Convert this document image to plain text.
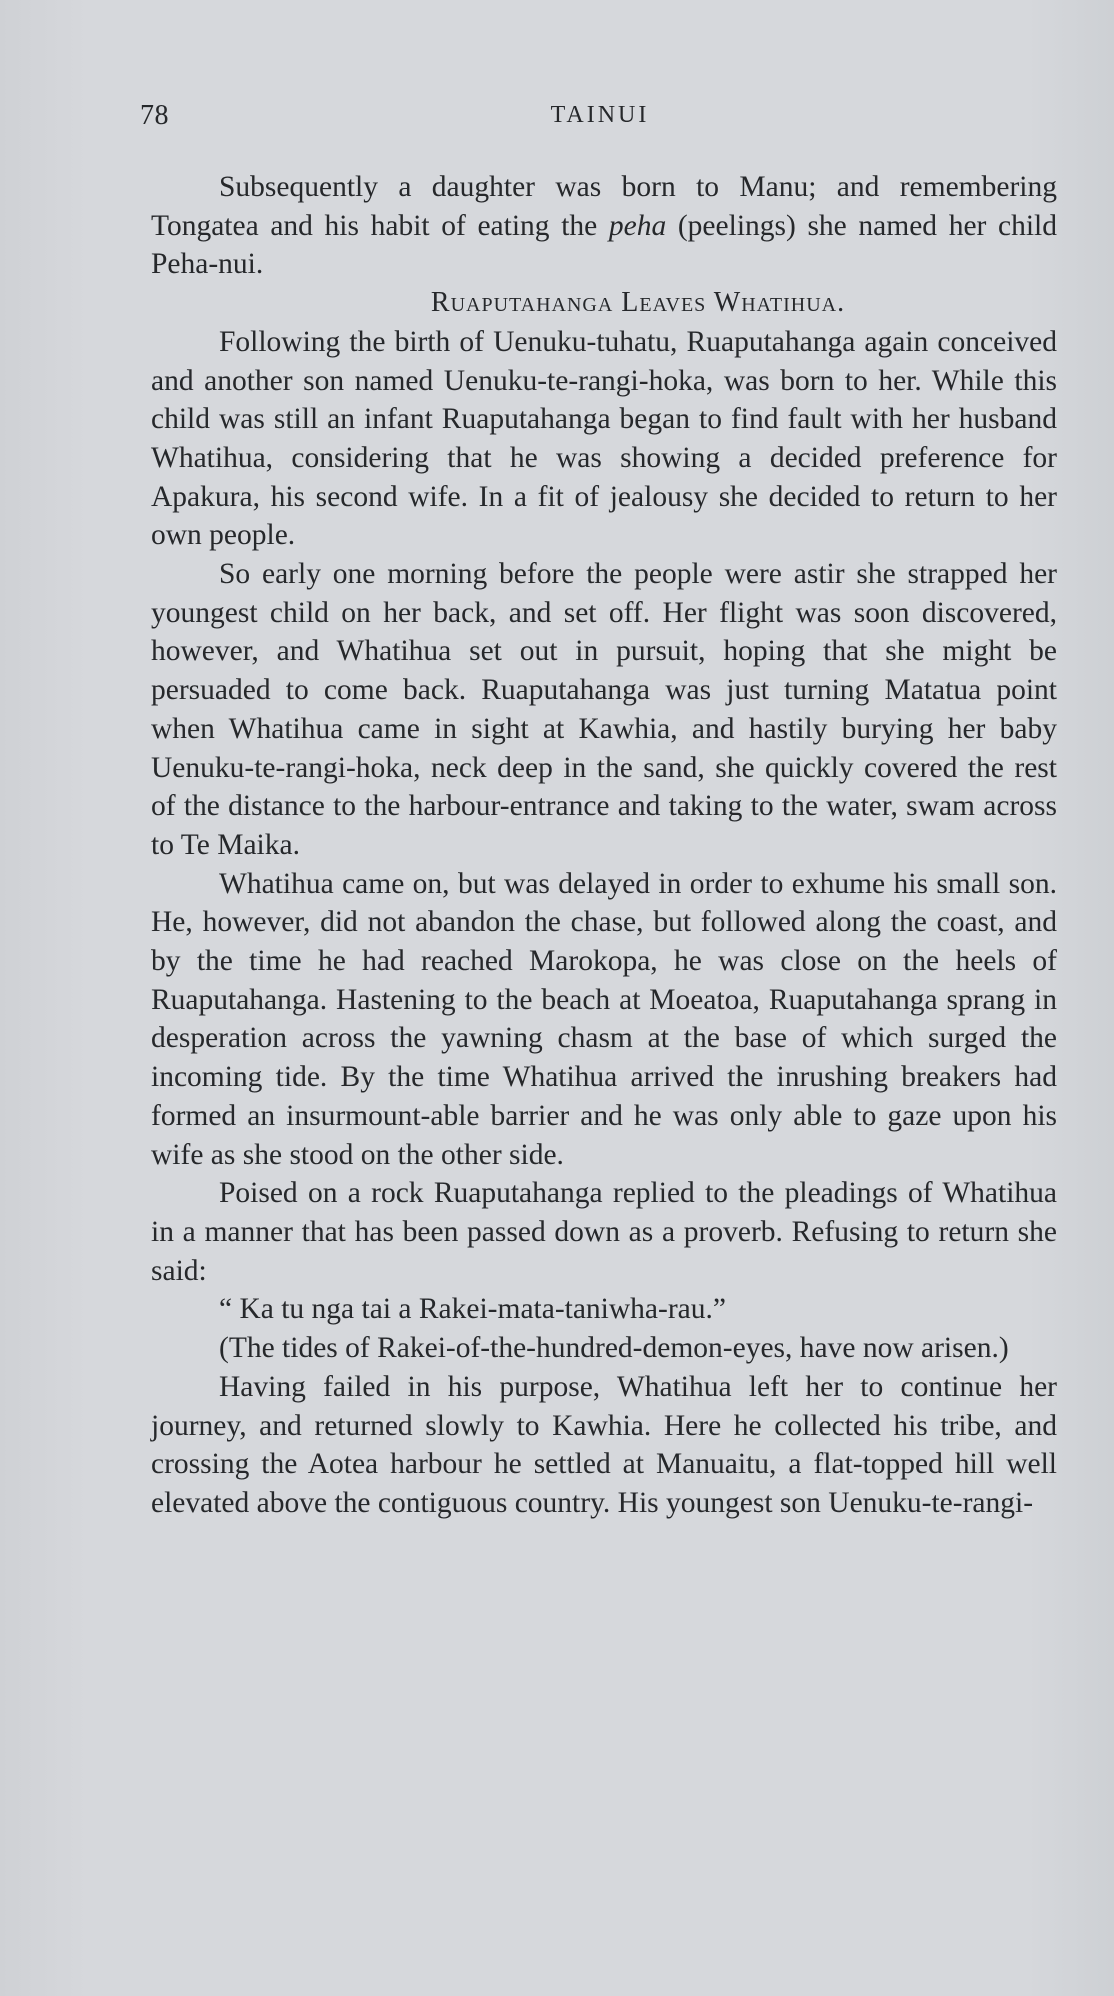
78	TAINUI

Subsequently a daughter was born to Manu; and remembering Tongatea and his habit of eating the peha (peelings) she named her child Peha-nui.

Ruaputahanga Leaves Whatihua.

Following the birth of Uenuku-tuhatu, Ruaputahanga again conceived and another son named Uenuku-te-rangi-hoka, was born to her. While this child was still an infant Ruaputahanga began to find fault with her husband Whatihua, considering that he was showing a decided preference for Apakura, his second wife. In a fit of jealousy she decided to return to her own people.

So early one morning before the people were astir she strapped her youngest child on her back, and set off. Her flight was soon discovered, however, and Whatihua set out in pursuit, hoping that she might be persuaded to come back. Ruaputahanga was just turning Matatua point when Whatihua came in sight at Kawhia, and hastily burying her baby Uenuku-te-rangi-hoka, neck deep in the sand, she quickly covered the rest of the distance to the harbour-entrance and taking to the water, swam across to Te Maika.

Whatihua came on, but was delayed in order to exhume his small son. He, however, did not abandon the chase, but followed along the coast, and by the time he had reached Marokopa, he was close on the heels of Ruaputahanga. Hastening to the beach at Moeatoa, Ruaputahanga sprang in desperation across the yawning chasm at the base of which surged the incoming tide. By the time Whatihua arrived the inrushing breakers had formed an insurmount-able barrier and he was only able to gaze upon his wife as she stood on the other side.

Poised on a rock Ruaputahanga replied to the pleadings of Whatihua in a manner that has been passed down as a proverb. Refusing to return she said:

“ Ka tu nga tai a Rakei-mata-taniwha-rau.”

(The tides of Rakei-of-the-hundred-demon-eyes, have now arisen.)

Having failed in his purpose, Whatihua left her to continue her journey, and returned slowly to Kawhia. Here he collected his tribe, and crossing the Aotea harbour he settled at Manuaitu, a flat-topped hill well elevated above the contiguous country. His youngest son Uenuku-te-rangi-
